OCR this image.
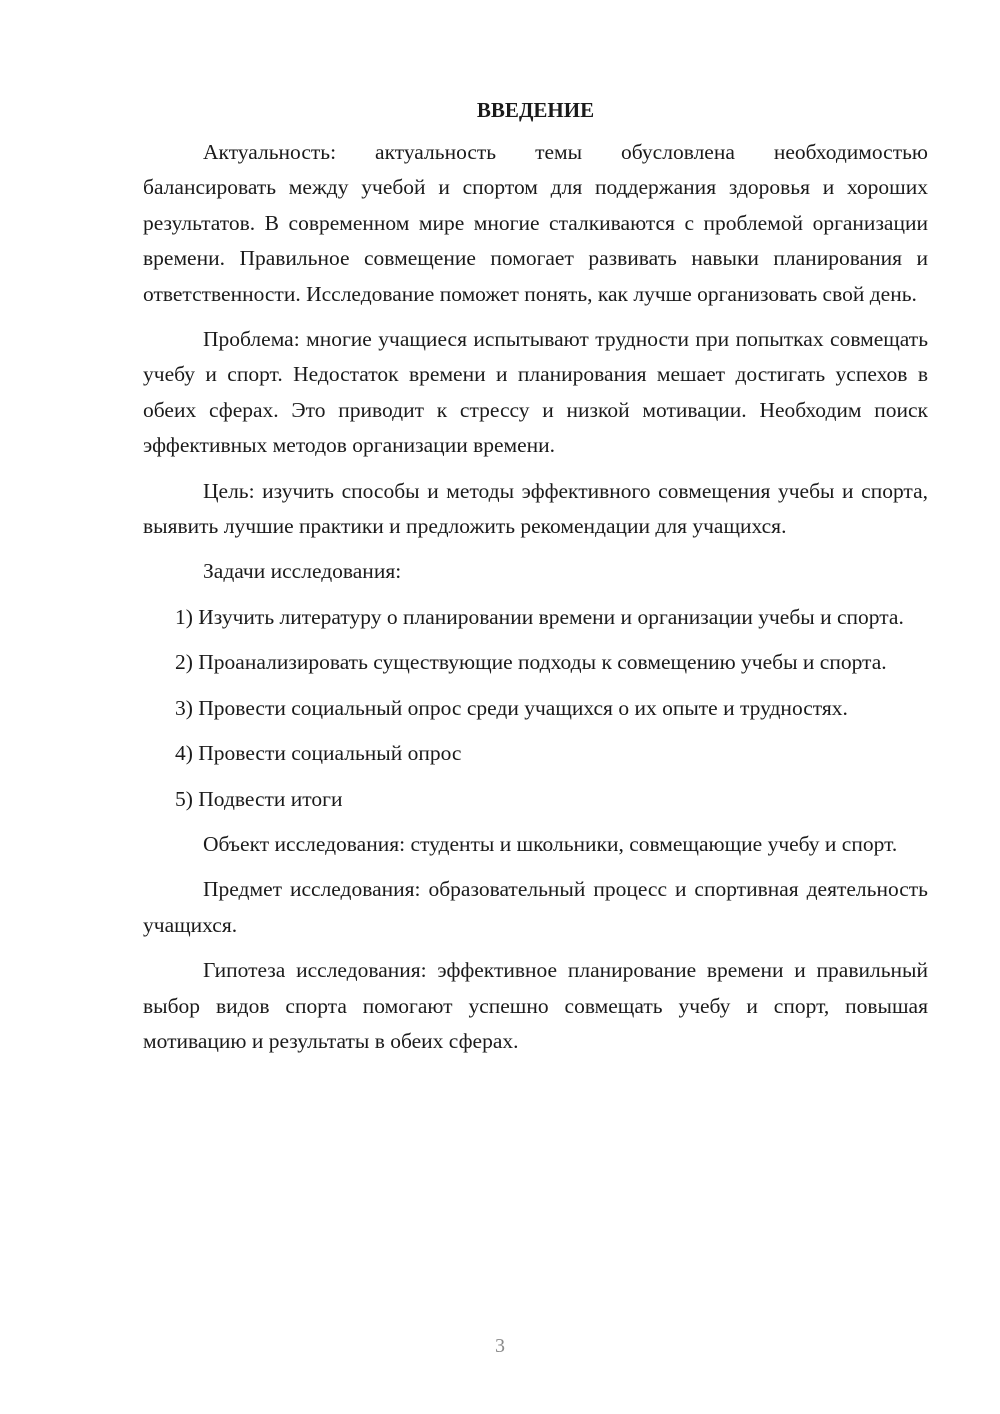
ВВЕДЕНИЕ

Актуальность: актуальность темы обусловлена необходимостью балансировать между учебой и спортом для поддержания здоровья и хороших результатов. В современном мире многие сталкиваются с проблемой организации времени. Правильное совмещение помогает развивать навыки планирования и ответственности. Исследование поможет понять, как лучше организовать свой день.

Проблема: многие учащиеся испытывают трудности при попытках совмещать учебу и спорт. Недостаток времени и планирования мешает достигать успехов в обеих сферах. Это приводит к стрессу и низкой мотивации. Необходим поиск эффективных методов организации времени.

Цель: изучить способы и методы эффективного совмещения учебы и спорта, выявить лучшие практики и предложить рекомендации для учащихся.

Задачи исследования:

1) Изучить литературу о планировании времени и организации учебы и спорта.

2) Проанализировать существующие подходы к совмещению учебы и спорта.

3) Провести социальный опрос среди учащихся о их опыте и трудностях.

4) Провести социальный опрос

5) Подвести итоги

Объект исследования: студенты и школьники, совмещающие учебу и спорт.

Предмет исследования: образовательный процесс и спортивная деятельность учащихся.

Гипотеза исследования: эффективное планирование времени и правильный выбор видов спорта помогают успешно совмещать учебу и спорт, повышая мотивацию и результаты в обеих сферах.

3
